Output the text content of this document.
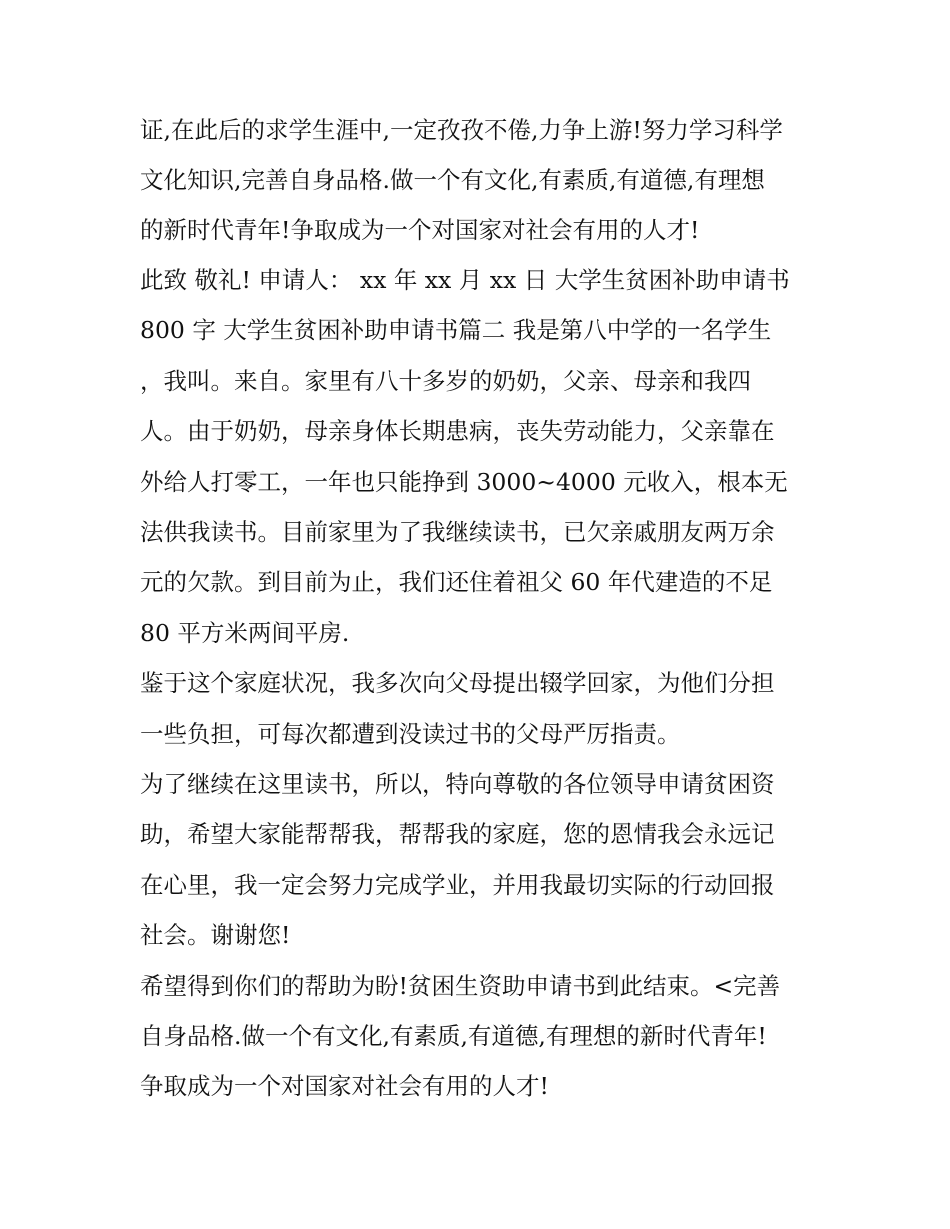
证,在此后的求学生涯中,一定孜孜不倦,力争上游!努力学习科学
文化知识,完善自身品格.做一个有文化,有素质,有道德,有理想
的新时代青年!争取成为一个对国家对社会有用的人才!
此致 敬礼! 申请人： xx 年 xx 月 xx 日 大学生贫困补助申请书
800 字 大学生贫困补助申请书篇二 我是第八中学的一名学生
，我叫。来自。家里有八十多岁的奶奶，父亲、母亲和我四
人。由于奶奶，母亲身体长期患病，丧失劳动能力，父亲靠在
外给人打零工，一年也只能挣到 3000~4000 元收入，根本无
法供我读书。目前家里为了我继续读书，已欠亲戚朋友两万余
元的欠款。到目前为止，我们还住着祖父 60 年代建造的不足
80 平方米两间平房.
鉴于这个家庭状况，我多次向父母提出辍学回家，为他们分担
一些负担，可每次都遭到没读过书的父母严厉指责。
为了继续在这里读书，所以，特向尊敬的各位领导申请贫困资
助，希望大家能帮帮我，帮帮我的家庭，您的恩情我会永远记
在心里，我一定会努力完成学业，并用我最切实际的行动回报
社会。谢谢您!
希望得到你们的帮助为盼!贫困生资助申请书到此结束。<完善
自身品格.做一个有文化,有素质,有道德,有理想的新时代青年!
争取成为一个对国家对社会有用的人才!
